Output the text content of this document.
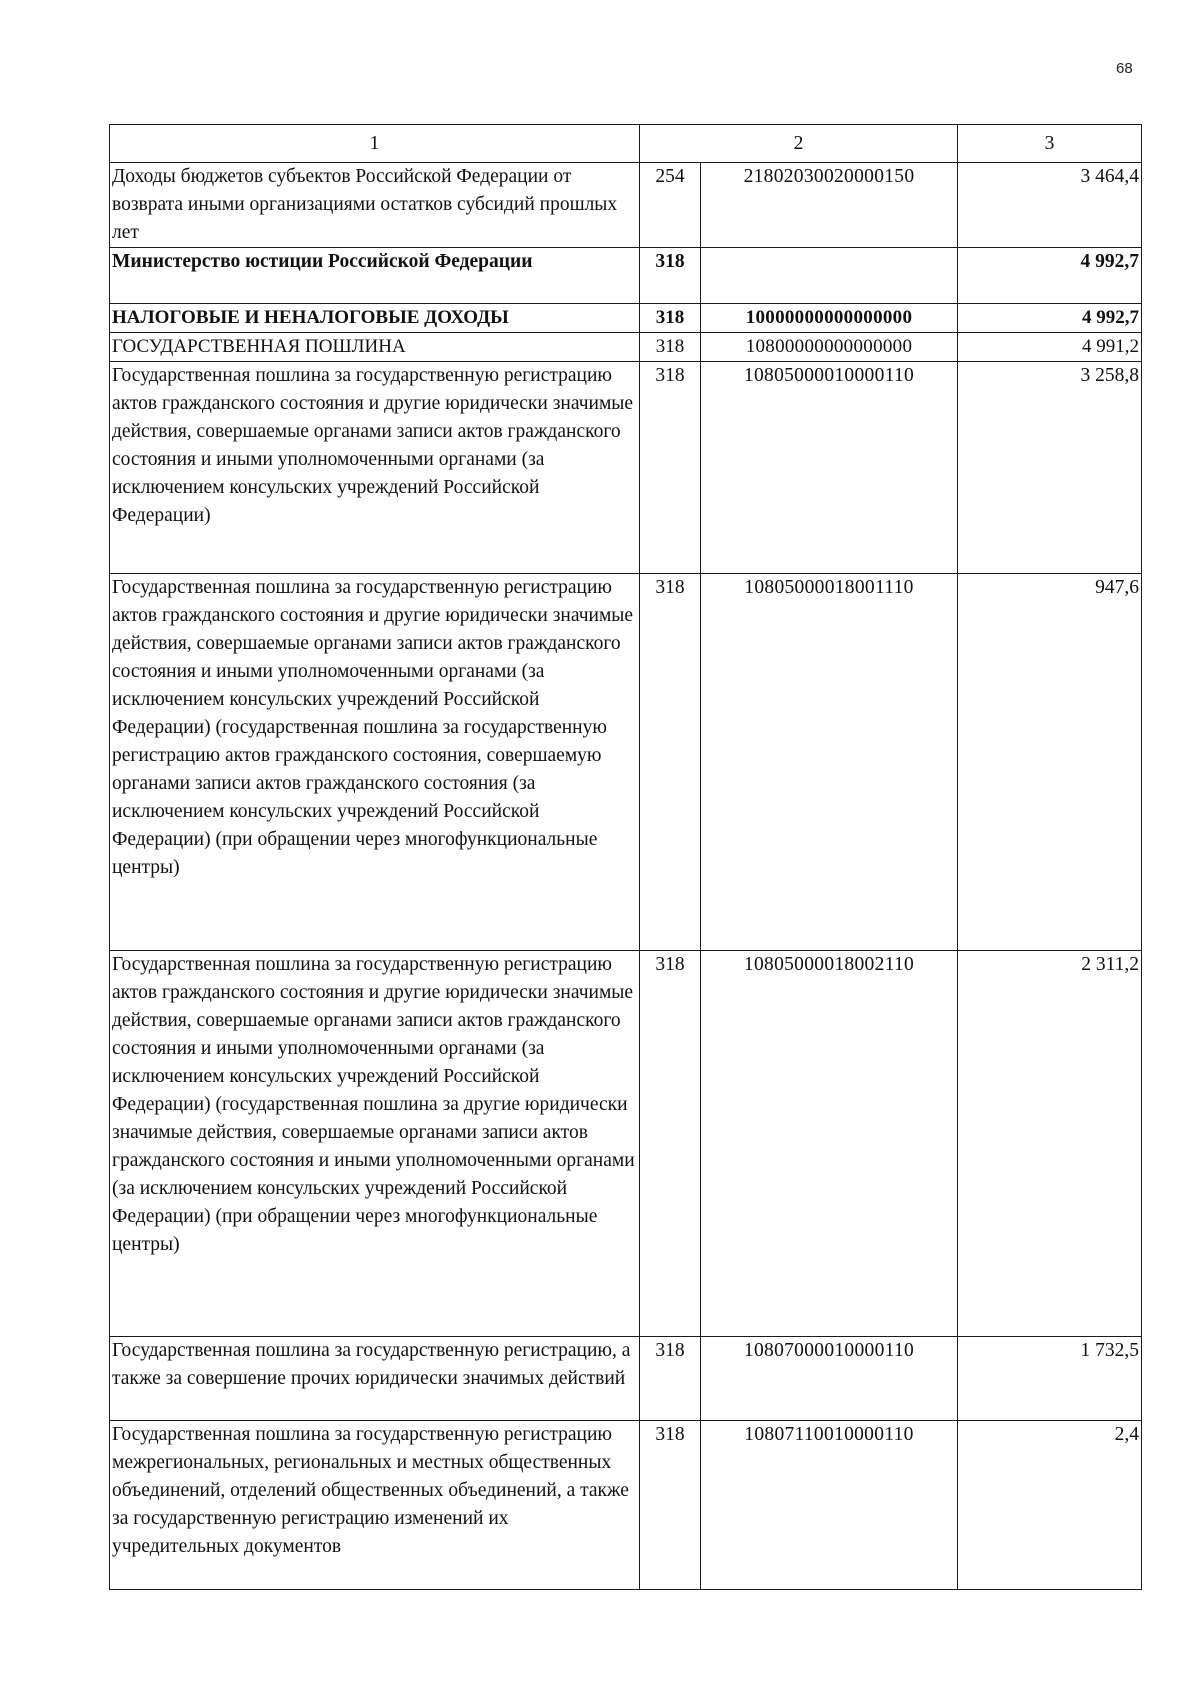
68
1	2		3
Доходы бюджетов субъектов Российской Федерации от возврата иными организациями остатков субсидий прошлых лет	254	21802030020000150	3 464,4
Министерство юстиции Российской Федерации	318		4 992,7
НАЛОГОВЫЕ И НЕНАЛОГОВЫЕ ДОХОДЫ	318	10000000000000000	4 992,7
ГОСУДАРСТВЕННАЯ ПОШЛИНА	318	10800000000000000	4 991,2
Государственная пошлина за государственную регистрацию актов гражданского состояния и другие юридически значимые действия, совершаемые органами записи актов гражданского состояния и иными уполномоченными органами (за исключением консульских учреждений Российской Федерации)	318	10805000010000110	3 258,8
Государственная пошлина за государственную регистрацию актов гражданского состояния и другие юридически значимые действия, совершаемые органами записи актов гражданского состояния и иными уполномоченными органами (за исключением консульских учреждений Российской Федерации) (государственная пошлина за государственную регистрацию актов гражданского состояния, совершаемую органами записи актов гражданского состояния (за исключением консульских учреждений Российской Федерации) (при обращении через многофункциональные центры)	318	10805000018001110	947,6
Государственная пошлина за государственную регистрацию актов гражданского состояния и другие юридически значимые действия, совершаемые органами записи актов гражданского состояния и иными уполномоченными органами (за исключением консульских учреждений Российской Федерации) (государственная пошлина за другие юридически значимые действия, совершаемые органами записи актов гражданского состояния и иными уполномоченными органами (за исключением консульских учреждений Российской Федерации) (при обращении через многофункциональные центры)	318	10805000018002110	2 311,2
Государственная пошлина за государственную регистрацию, а также за совершение прочих юридически значимых действий	318	10807000010000110	1 732,5
Государственная пошлина за государственную регистрацию межрегиональных, региональных и местных общественных объединений, отделений общественных объединений, а также за государственную регистрацию изменений их учредительных документов	318	10807110010000110	2,4
